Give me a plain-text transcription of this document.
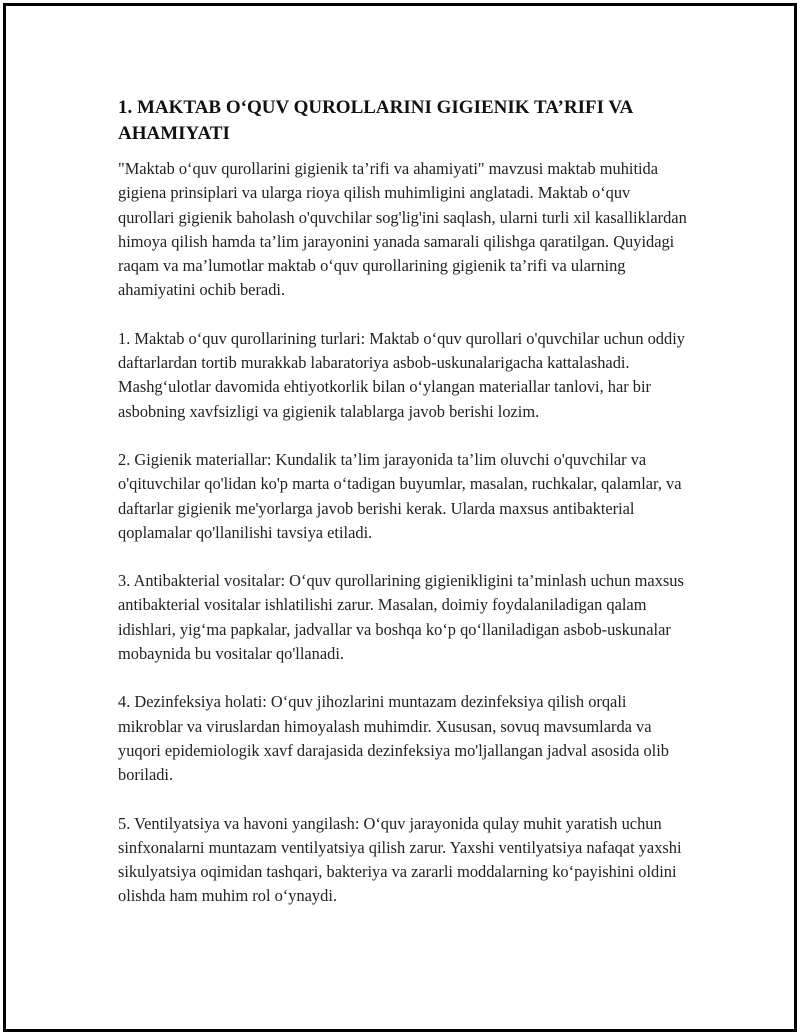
1. MAKTAB O‘QUV QUROLLARINI GIGIENIK TA’RIFI VA AHAMIYATI

"Maktab o‘quv qurollarini gigienik ta’rifi va ahamiyati" mavzusi maktab muhitida gigiena prinsiplari va ularga rioya qilish muhimligini anglatadi. Maktab o‘quv qurollari gigienik baholash o'quvchilar sog'lig'ini saqlash, ularni turli xil kasalliklardan himoya qilish hamda ta’lim jarayonini yanada samarali qilishga qaratilgan. Quyidagi raqam va ma’lumotlar maktab o‘quv qurollarining gigienik ta’rifi va ularning ahamiyatini ochib beradi.

1. Maktab o‘quv qurollarining turlari: Maktab o‘quv qurollari o'quvchilar uchun oddiy daftarlardan tortib murakkab labaratoriya asbob-uskunalarigacha kattalashadi. Mashg‘ulotlar davomida ehtiyotkorlik bilan o‘ylangan materiallar tanlovi, har bir asbobning xavfsizligi va gigienik talablarga javob berishi lozim.

2. Gigienik materiallar: Kundalik ta’lim jarayonida ta’lim oluvchi o'quvchilar va o'qituvchilar qo'lidan ko'p marta o‘tadigan buyumlar, masalan, ruchkalar, qalamlar, va daftarlar gigienik me'yorlarga javob berishi kerak. Ularda maxsus antibakterial qoplamalar qo'llanilishi tavsiya etiladi.

3. Antibakterial vositalar: O‘quv qurollarining gigienikligini ta’minlash uchun maxsus antibakterial vositalar ishlatilishi zarur. Masalan, doimiy foydalaniladigan qalam idishlari, yig‘ma papkalar, jadvallar va boshqa ko‘p qo‘llaniladigan asbob-uskunalar mobaynida bu vositalar qo'llanadi.

4. Dezinfeksiya holati: O‘quv jihozlarini muntazam dezinfeksiya qilish orqali mikroblar va viruslardan himoyalash muhimdir. Xususan, sovuq mavsumlarda va yuqori epidemiologik xavf darajasida dezinfeksiya mo'ljallangan jadval asosida olib boriladi.

5. Ventilyatsiya va havoni yangilash: O‘quv jarayonida qulay muhit yaratish uchun sinfxonalarni muntazam ventilyatsiya qilish zarur. Yaxshi ventilyatsiya nafaqat yaxshi sikulyatsiya oqimidan tashqari, bakteriya va zararli moddalarning ko‘payishini oldini olishda ham muhim rol o‘ynaydi.
